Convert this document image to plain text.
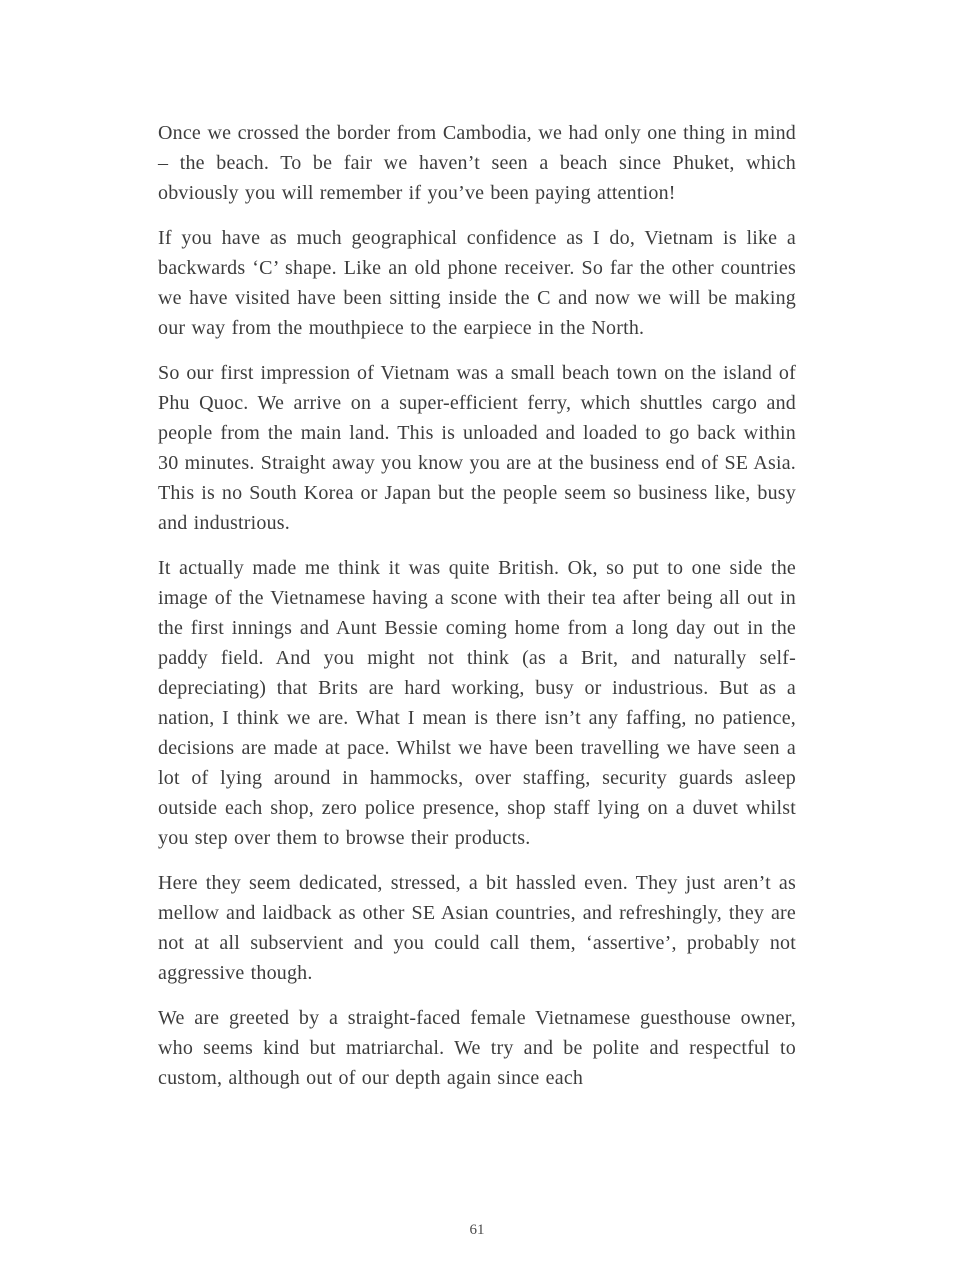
Once we crossed the border from Cambodia, we had only one thing in mind – the beach. To be fair we haven’t seen a beach since Phuket, which obviously you will remember if you’ve been paying attention!

If you have as much geographical confidence as I do, Vietnam is like a backwards ‘C’ shape. Like an old phone receiver. So far the other countries we have visited have been sitting inside the C and now we will be making our way from the mouthpiece to the earpiece in the North.

So our first impression of Vietnam was a small beach town on the island of Phu Quoc. We arrive on a super-efficient ferry, which shuttles cargo and people from the main land. This is unloaded and loaded to go back within 30 minutes. Straight away you know you are at the business end of SE Asia. This is no South Korea or Japan but the people seem so business like, busy and industrious.

It actually made me think it was quite British. Ok, so put to one side the image of the Vietnamese having a scone with their tea after being all out in the first innings and Aunt Bessie coming home from a long day out in the paddy field. And you might not think (as a Brit, and naturally self-depreciating) that Brits are hard working, busy or industrious. But as a nation, I think we are. What I mean is there isn’t any faffing, no patience, decisions are made at pace. Whilst we have been travelling we have seen a lot of lying around in hammocks, over staffing, security guards asleep outside each shop, zero police presence, shop staff lying on a duvet whilst you step over them to browse their products.

Here they seem dedicated, stressed, a bit hassled even. They just aren’t as mellow and laidback as other SE Asian countries, and refreshingly, they are not at all subservient and you could call them, ‘assertive’, probably not aggressive though.

We are greeted by a straight-faced female Vietnamese guesthouse owner, who seems kind but matriarchal. We try and be polite and respectful to custom, although out of our depth again since each

61
